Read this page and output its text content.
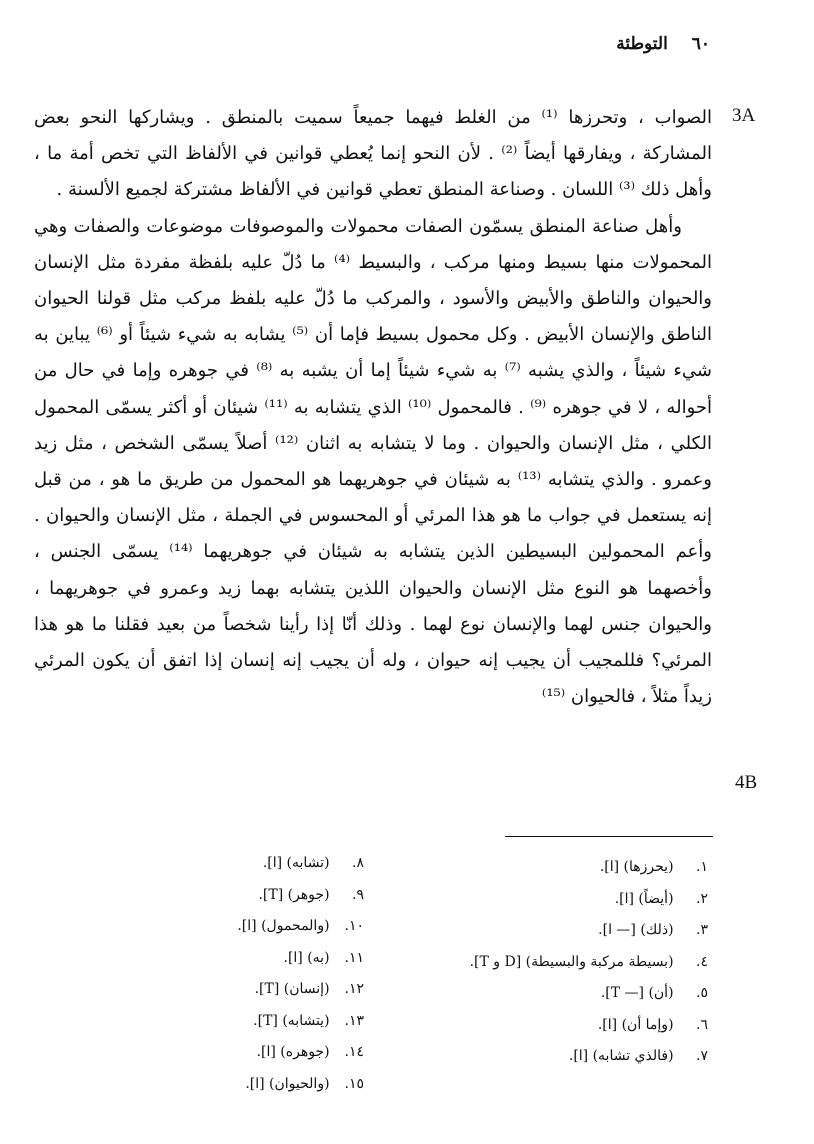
٦٠ التوطئة
3A
4B

الصواب ، وتحرزها ⁽¹⁾ من الغلط فيهما جميعاً سميت بالمنطق . ويشاركها النحو بعض المشاركة ، ويفارقها أيضاً ⁽²⁾ . لأن النحو إنما يُعطي قوانين في الألفاظ التي تخص أمة ما ، وأهل ذلك ⁽³⁾ اللسان . وصناعة المنطق تعطي قوانين في الألفاظ مشتركة لجميع الألسنة .

وأهل صناعة المنطق يسمّون الصفات محمولات والموصوفات موضوعات والصفات وهي المحمولات منها بسيط ومنها مركب ، والبسيط ⁽⁴⁾ ما دُلّ عليه بلفظة مفردة مثل الإنسان والحيوان والناطق والأبيض والأسود ، والمركب ما دُلّ عليه بلفظ مركب مثل قولنا الحيوان الناطق والإنسان الأبيض . وكل محمول بسيط فإما أن ⁽⁵⁾ يشابه به شيء شيئاً أو ⁽⁶⁾ يباين به شيء شيئاً ، والذي يشبه ⁽⁷⁾ به شيء شيئاً إما أن يشبه به ⁽⁸⁾ في جوهره وإما في حال من أحواله ، لا في جوهره ⁽⁹⁾ . فالمحمول ⁽¹⁰⁾ الذي يتشابه به ⁽¹¹⁾ شيئان أو أكثر يسمّى المحمول الكلي ، مثل الإنسان والحيوان . وما لا يتشابه به اثنان ⁽¹²⁾ أصلاً يسمّى الشخص ، مثل زيد وعمرو . والذي يتشابه ⁽¹³⁾ به شيئان في جوهريهما هو المحمول من طريق ما هو ، من قبل إنه يستعمل في جواب ما هو هذا المرئي أو المحسوس في الجملة ، مثل الإنسان والحيوان . وأعم المحمولين البسيطين الذين يتشابه به شيئان في جوهريهما ⁽¹⁴⁾ يسمّى الجنس ، وأخصهما هو النوع مثل الإنسان والحيوان اللذين يتشابه بهما زيد وعمرو في جوهريهما ، والحيوان جنس لهما والإنسان نوع لهما . وذلك أنّا إذا رأينا شخصاً من بعيد فقلنا ما هو هذا المرئي؟ فللمجيب أن يجيب إنه حيوان ، وله أن يجيب إنه إنسان إذا اتفق أن يكون المرئي زيداً مثلاً ، فالحيوان ⁽¹⁵⁾

١. (يحرزها) [ا].
٢. (أيضاً) [ا].
٣. (ذلك) [— ا].
٤. (بسيطة مركبة والبسيطة) [D و T].
٥. (أن) [— T].
٦. (وإما أن) [ا].
٧. (فالذي تشابه) [ا].
٨. (تشابه) [ا].
٩. (جوهر) [T].
١٠. (والمحمول) [ا].
١١. (به) [ا].
١٢. (إنسان) [T].
١٣. (يتشابه) [T].
١٤. (جوهره) [ا].
١٥. (والحيوان) [ا].
